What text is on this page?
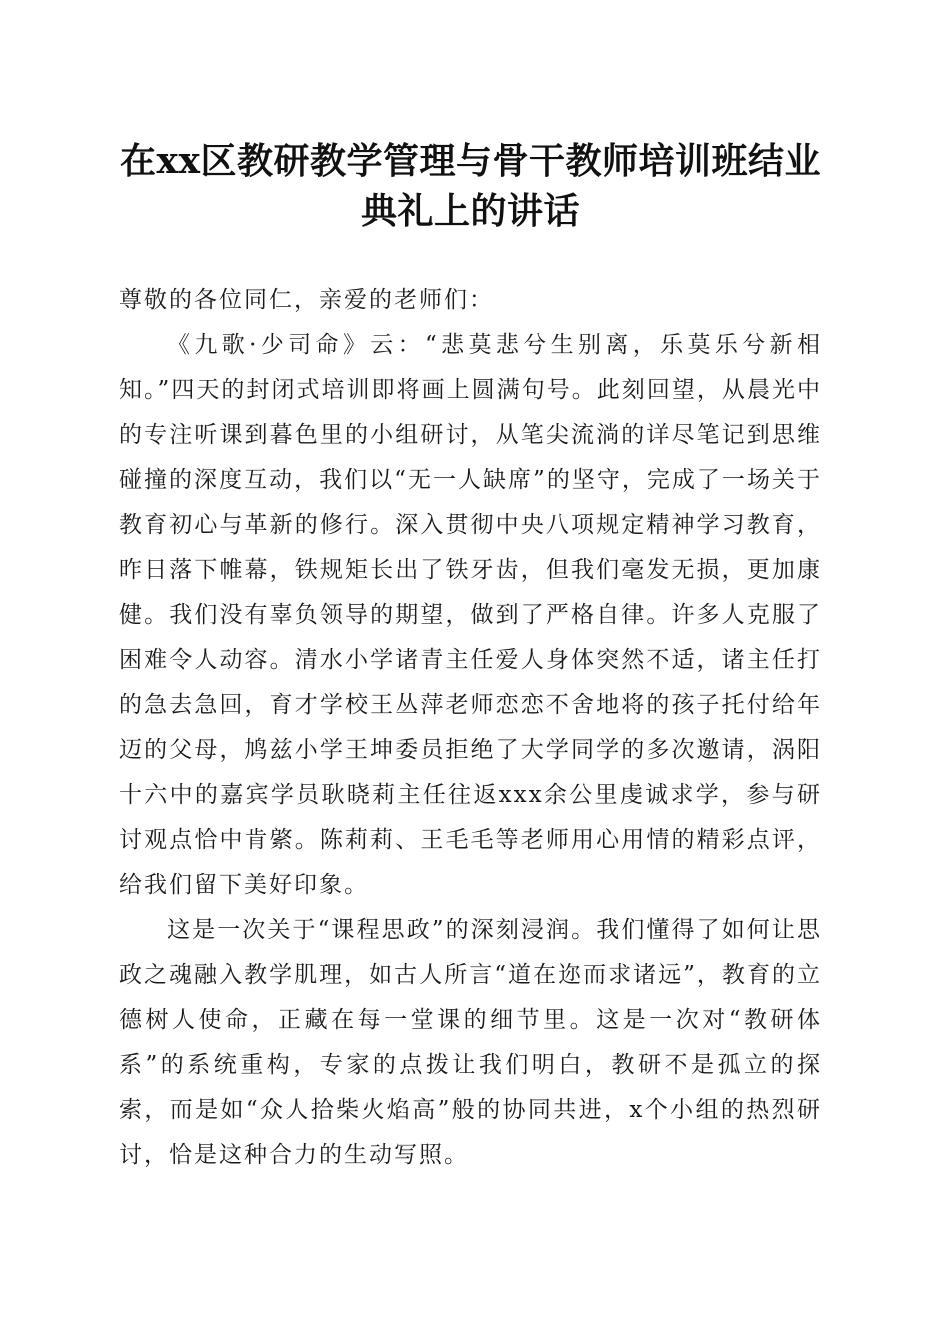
在xx区教研教学管理与骨干教师培训班结业
典礼上的讲话

尊敬的各位同仁，亲爱的老师们：

《九歌·少司命》云：“悲莫悲兮生别离，乐莫乐兮新相知。”四天的封闭式培训即将画上圆满句号。此刻回望，从晨光中的专注听课到暮色里的小组研讨，从笔尖流淌的详尽笔记到思维碰撞的深度互动，我们以“无一人缺席”的坚守，完成了一场关于教育初心与革新的修行。深入贯彻中央八项规定精神学习教育，昨日落下帷幕，铁规矩长出了铁牙齿，但我们毫发无损，更加康健。我们没有辜负领导的期望，做到了严格自律。许多人克服了困难令人动容。清水小学诸青主任爱人身体突然不适，诸主任打的急去急回，育才学校王丛萍老师恋恋不舍地将的孩子托付给年迈的父母，鸠兹小学王坤委员拒绝了大学同学的多次邀请，涡阳十六中的嘉宾学员耿晓莉主任往返xxx余公里虔诚求学，参与研讨观点恰中肯綮。陈莉莉、王毛毛等老师用心用情的精彩点评，给我们留下美好印象。

这是一次关于“课程思政”的深刻浸润。我们懂得了如何让思政之魂融入教学肌理，如古人所言“道在迩而求诸远”，教育的立德树人使命，正藏在每一堂课的细节里。这是一次对“教研体系”的系统重构，专家的点拨让我们明白，教研不是孤立的探索，而是如“众人拾柴火焰高”般的协同共进，x个小组的热烈研讨，恰是这种合力的生动写照。
